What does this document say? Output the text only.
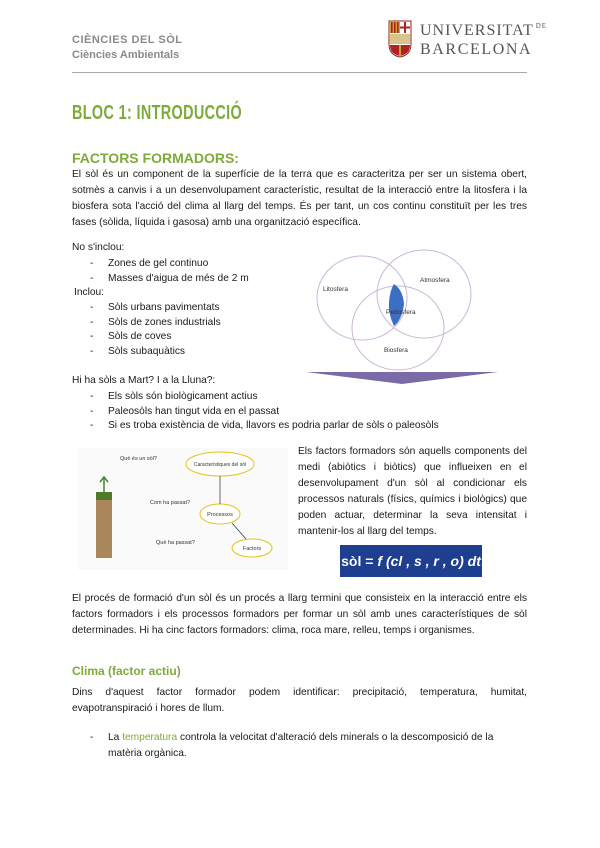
CIÈNCIES DEL SÒL
Ciències Ambientals
UNIVERSITAT $^{DE}$
BARCELONA
BLOC 1: INTRODUCCIÓ
FACTORS FORMADORS:
El sòl és un component de la superfície de la terra que es caracteritza per ser un sistema obert, sotmès a canvis i a un desenvolupament característic, resultat de la interacció entre la litosfera i la biosfera sota l'acció del clima al llarg del temps. És per tant, un cos continu constituït per les tres fases (sòlida, líquida i gasosa) amb una organització específica.
No s'inclou:
- Zones de gel continuo
- Masses d'aigua de més de 2 m
Inclou:
- Sòls urbans pavimentats
- Sòls de zones industrials
- Sòls de coves
- Sòls subaquàtics
Litosfera
Atmosfera
Pedosfera
Biosfera
Hi ha sòls a Mart? I a la Lluna?:
- Els sòls són biològicament actius
- Paleosòls han tingut vida en el passat
- Si es troba existència de vida, llavors es podria parlar de sòls o paleosòls
Què és un sòl?
Característiques del sòl
Com ha passat?
Processos
Què ha passat?
Factors
Els factors formadors són aquells components del medi (abiòtics i biòtics) que influeixen en el desenvolupament d'un sòl al condicionar els processos naturals (físics, químics i biològics) que poden actuar, determinar la seva intensitat i mantenir-los al llarg del temps.
sòl = f (cl , s , r , o) dt
El procés de formació d'un sòl és un procés a llarg termini que consisteix en la interacció entre els factors formadors i els processos formadors per formar un sòl amb unes característiques de sòl determinades. Hi ha cinc factors formadors: clima, roca mare, relleu, temps i organismes.
Clima (factor actiu)
Dins d'aquest factor formador podem identificar: precipitació, temperatura, humitat, evapotranspiració i hores de llum.
- La temperatura controla la velocitat d'alteració dels minerals o la descomposició de la matèria orgànica.
